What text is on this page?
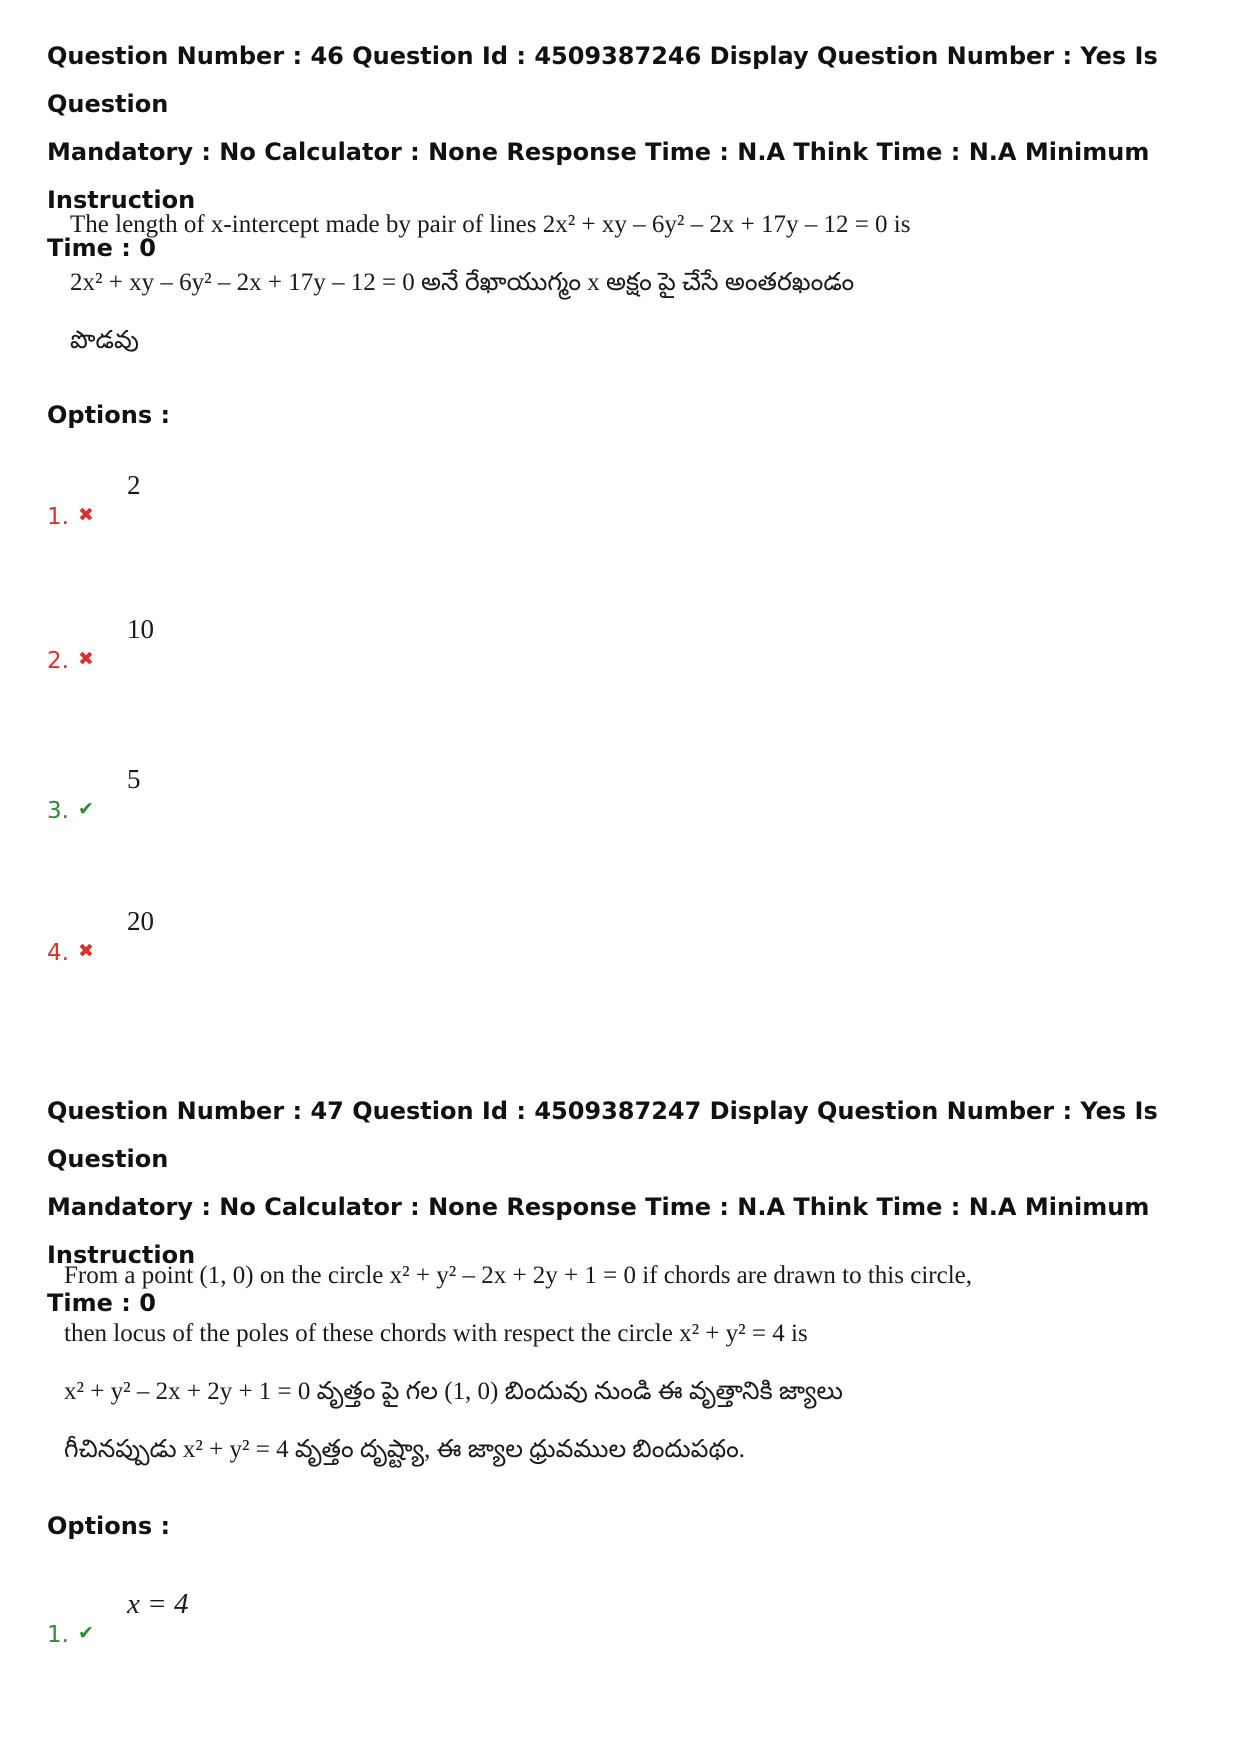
Question Number : 46 Question Id : 4509387246 Display Question Number : Yes Is Question
Mandatory : No Calculator : None Response Time : N.A Think Time : N.A Minimum Instruction
Time : 0
The length of x-intercept made by pair of lines 2x² + xy – 6y² – 2x + 17y – 12 = 0 is
2x² + xy – 6y² – 2x + 17y – 12 = 0 అనే రేఖాయుగ్మం x అక్షం పై చేసే అంతరఖండం
పొడవు
Options :
1. ✖
2
2. ✖
10
3. ✔
5
4. ✖
20
Question Number : 47 Question Id : 4509387247 Display Question Number : Yes Is Question
Mandatory : No Calculator : None Response Time : N.A Think Time : N.A Minimum Instruction
Time : 0
From a point (1, 0) on the circle x² + y² – 2x + 2y + 1 = 0 if chords are drawn to this circle,
then locus of the poles of these chords with respect the circle x² + y² = 4 is
x² + y² – 2x + 2y + 1 = 0 వృత్తం పై గల (1, 0) బిందువు నుండి ఈ వృత్తానికి జ్యాలు
గీచినప్పుడు x² + y² = 4 వృత్తం దృష్ట్యా, ఈ జ్యాల ధ్రువముల బిందుపథం.
Options :
1. ✔
x = 4
